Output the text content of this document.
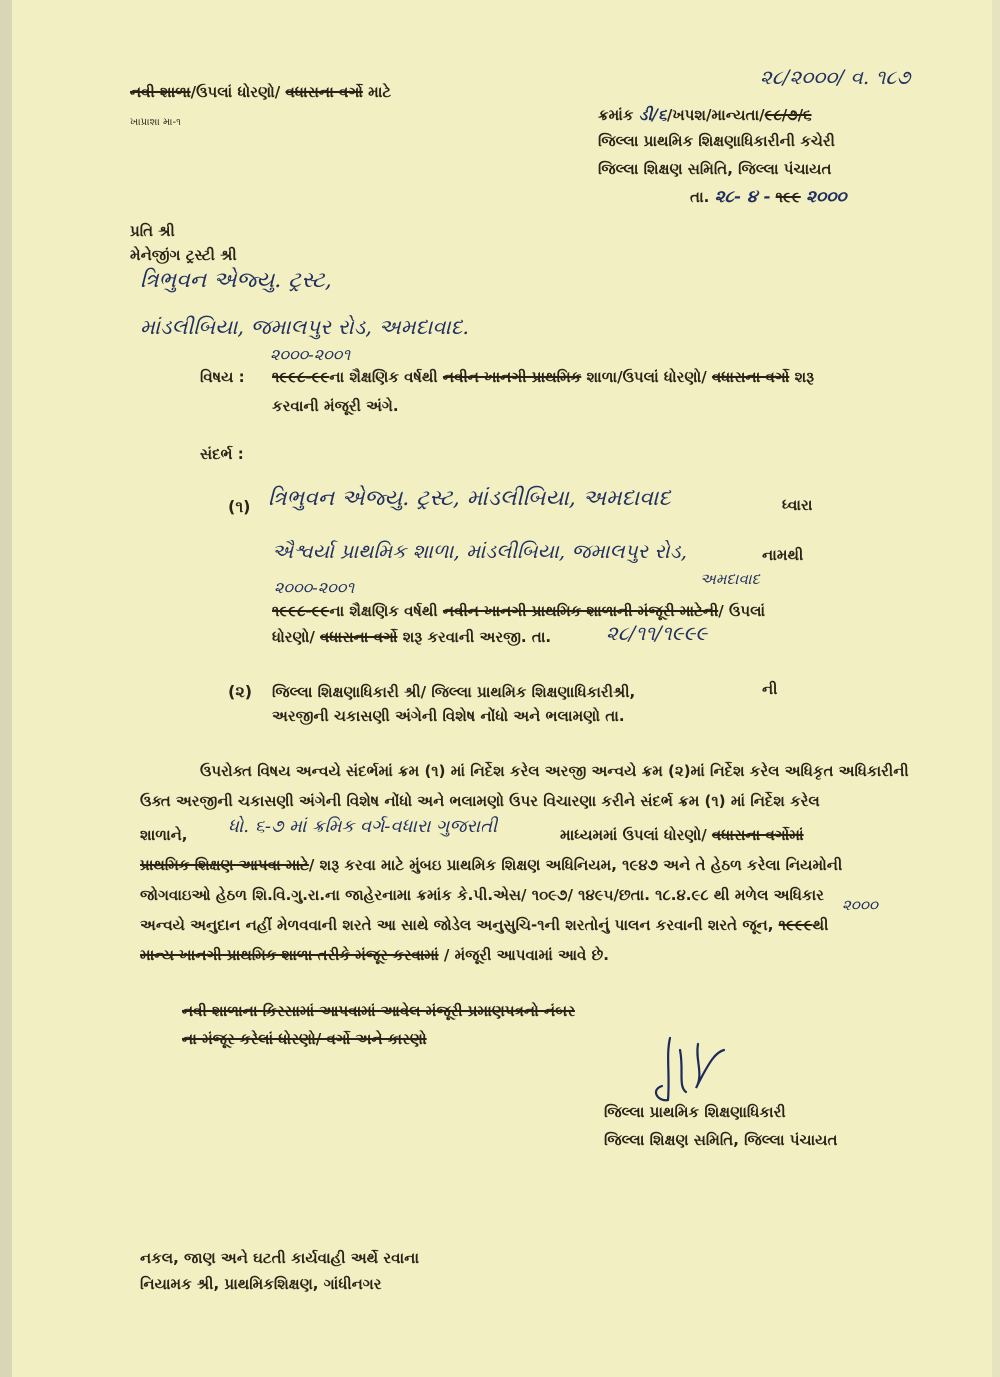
નવી શાળા/ઉપલાં ધોરણો/ વધારાના વર્ગો માટે
ખાપ્રાશા મા-૧
૨૮/૨૦૦૦/ વ. ૧૮૭
ક્રમાંક ડી/૬/ખપશ/માન્યતા/૯૮/૭/૬
જિલ્લા પ્રાથમિક શિક્ષણાધિકારીની કચેરી
જિલ્લા શિક્ષણ સમિતિ, જિલ્લા પંચાયત
તા. ૨૮- ૪ - ૧૯૯ ૨૦૦૦
પ્રતિ શ્રી
મેનેજીંગ ટ્રસ્ટી શ્રી
ત્રિભુવન એજ્યુ. ટ્રસ્ટ,
માંડલીબિયા, જમાલપુર રોડ, અમદાવાદ.
૨૦૦૦-૨૦૦૧
વિષય : ૧૯૯૮-૯૯ના શૈક્ષણિક વર્ષથી નવીન ખાનગી પ્રાથમિક શાળા/ઉપલાં ધોરણો/ વધારાના વર્ગો શરૂ
કરવાની મંજૂરી અંગે.
સંદર્ભ :
(૧) ત્રિભુવન એજ્યુ. ટ્રસ્ટ, માંડલીબિયા, અમદાવાદ	ધ્વારા
ઐશ્વર્યા પ્રાથમિક શાળા, માંડલીબિયા, જમાલપુર રોડ,	નામથી
અમદાવાદ
૨૦૦૦-૨૦૦૧
૧૯૯૮-૯૯ના શૈક્ષણિક વર્ષથી નવીન ખાનગી પ્રાથમિક શાળાની મંજૂરી માટેની/ ઉપલાં
ધોરણો/ વધારાના વર્ગો શરૂ કરવાની અરજી. તા.	૨૮/૧૧/૧૯૯૯
(૨) જિલ્લા શિક્ષણાધિકારી શ્રી/ જિલ્લા પ્રાથમિક શિક્ષણાધિકારીશ્રી,	ની
અરજીની ચકાસણી અંગેની વિશેષ નોંધો અને ભલામણો તા.
ઉપરોક્ત વિષય અન્વયે સંદર્ભમાં ક્રમ (૧) માં નિર્દેશ કરેલ અરજી અન્વયે ક્રમ (૨)માં નિર્દેશ કરેલ અધિકૃત અધિકારીની
ઉક્ત અરજીની ચકાસણી અંગેની વિશેષ નોંધો અને ભલામણો ઉપર વિચારણા કરીને સંદર્ભ ક્રમ (૧) માં નિર્દેશ કરેલ
શાળાને, ધો. ૬-૭ માં ક્રમિક વર્ગ-વધારા ગુજરાતી	માધ્યમમાં ઉપલાં ધોરણો/ વધારાના વર્ગોમાં
પ્રાથમિક શિક્ષણ આપવા માટે/ શરૂ કરવા માટે મુંબઇ પ્રાથમિક શિક્ષણ અધિનિયમ, ૧૯૪૭ અને તે હેઠળ કરેલા નિયમોની
જોગવાઇઓ હેઠળ શિ.વિ.ગુ.રા.ના જાહેરનામા ક્રમાંક કે.પી.એસ/ ૧૦૯૭/ ૧૪૯૫/છતા. ૧૮.૪.૯૮ થી મળેલ અધિકાર
૨૦૦૦
અન્વયે અનુદાન નહીં મેળવવાની શરતે આ સાથે જોડેલ અનુસુચિ-૧ની શરતોનું પાલન કરવાની શરતે જૂન, ૧૯૯૯થી
માન્ય ખાનગી પ્રાથમિક શાળા તરીકે મંજૂર કરવામાં / મંજૂરી આપવામાં આવે છે.
નવી શાળાના કિસ્સામાં આપવામાં આવેલ મંજૂરી પ્રમાણપત્રનો નંબર
ના મંજૂર કરેલાં ધોરણો/ વર્ગો અને કારણો
જિલ્લા પ્રાથમિક શિક્ષણાધિકારી
જિલ્લા શિક્ષણ સમિતિ, જિલ્લા પંચાયત
નકલ, જાણ અને ઘટતી કાર્યવાહી અર્થે રવાના
નિયામક શ્રી, પ્રાથમિકશિક્ષણ, ગાંધીનગર
